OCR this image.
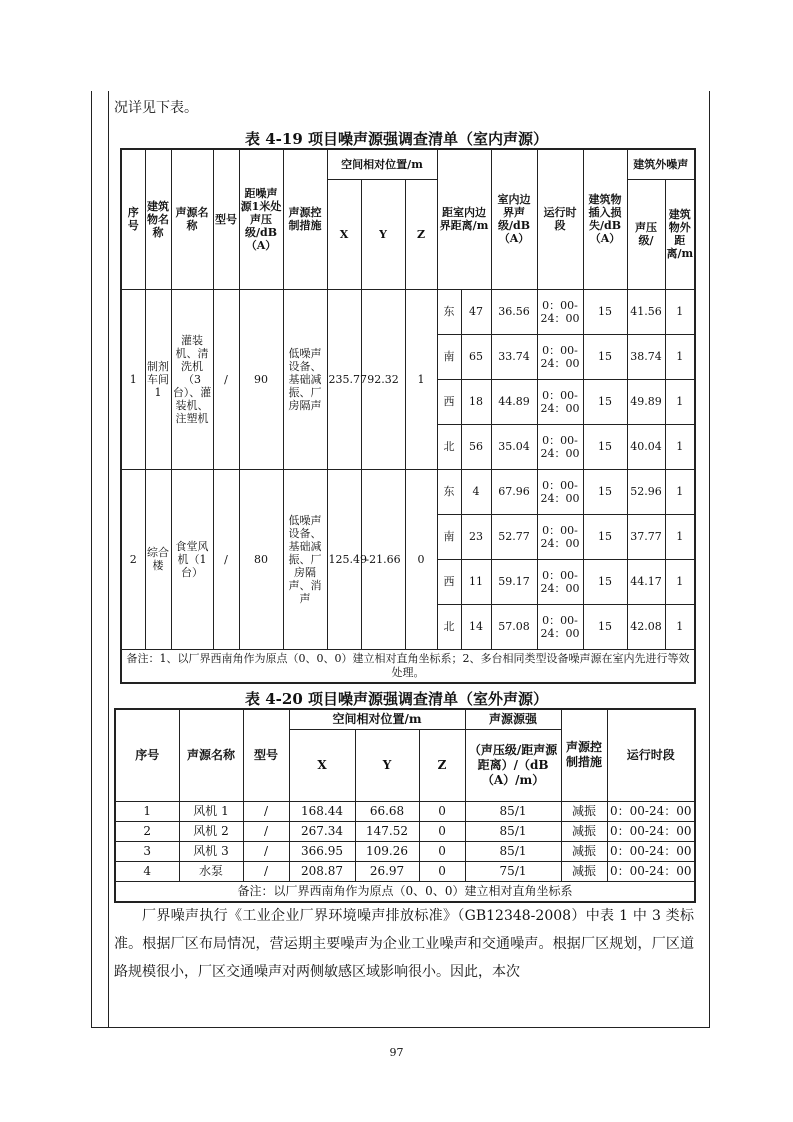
况详见下表。
表 4-19 项目噪声源强调查清单（室内声源）
序号	建筑物名称	声源名称	型号	距噪声源1米处声压级/dB（A）	声源控制措施	空间相对位置/m			距室内边界距离/m		室内边界声级/dB（A）	运行时段	建筑物插入损失/dB（A）	建筑外噪声	
						X	Y	Z						声压级/	建筑物外距离/m
1	制剂车间1	灌装机、清洗机（3台）、灌装机、注塑机	/	90	低噪声设备、基础减振、厂房隔声	235.77	92.32	1	东	47	36.56	0：00-24：00	15	41.56	1
									南	65	33.74	0：00-24：00	15	38.74	1
									西	18	44.89	0：00-24：00	15	49.89	1
									北	56	35.04	0：00-24：00	15	40.04	1
2	综合楼	食堂风机（1台）	/	80	低噪声设备、基础减振、厂房隔声、消声	125.49	-21.66	0	东	4	67.96	0：00-24：00	15	52.96	1
									南	23	52.77	0：00-24：00	15	37.77	1
									西	11	59.17	0：00-24：00	15	44.17	1
									北	14	57.08	0：00-24：00	15	42.08	1
备注：1、以厂界西南角作为原点（0、0、0）建立相对直角坐标系；2、多台相同类型设备噪声源在室内先进行等效处理。															
表 4-20 项目噪声源强调查清单（室外声源）
序号	声源名称	型号	空间相对位置/m			声源源强	声源控制措施	运行时段
			X	Y	Z	（声压级/距声源距离）/（dB（A）/m）		
1	风机 1	/	168.44	66.68	0	85/1	减振	0：00-24：00
2	风机 2	/	267.34	147.52	0	85/1	减振	0：00-24：00
3	风机 3	/	366.95	109.26	0	85/1	减振	0：00-24：00
4	水泵	/	208.87	26.97	0	75/1	减振	0：00-24：00
备注：以厂界西南角作为原点（0、0、0）建立相对直角坐标系								
厂界噪声执行《工业企业厂界环境噪声排放标准》（GB12348-2008）中表 1 中 3 类标准。根据厂区布局情况，营运期主要噪声为企业工业噪声和交通噪声。根据厂区规划，厂区道路规模很小，厂区交通噪声对两侧敏感区域影响很小。因此，本次
97
